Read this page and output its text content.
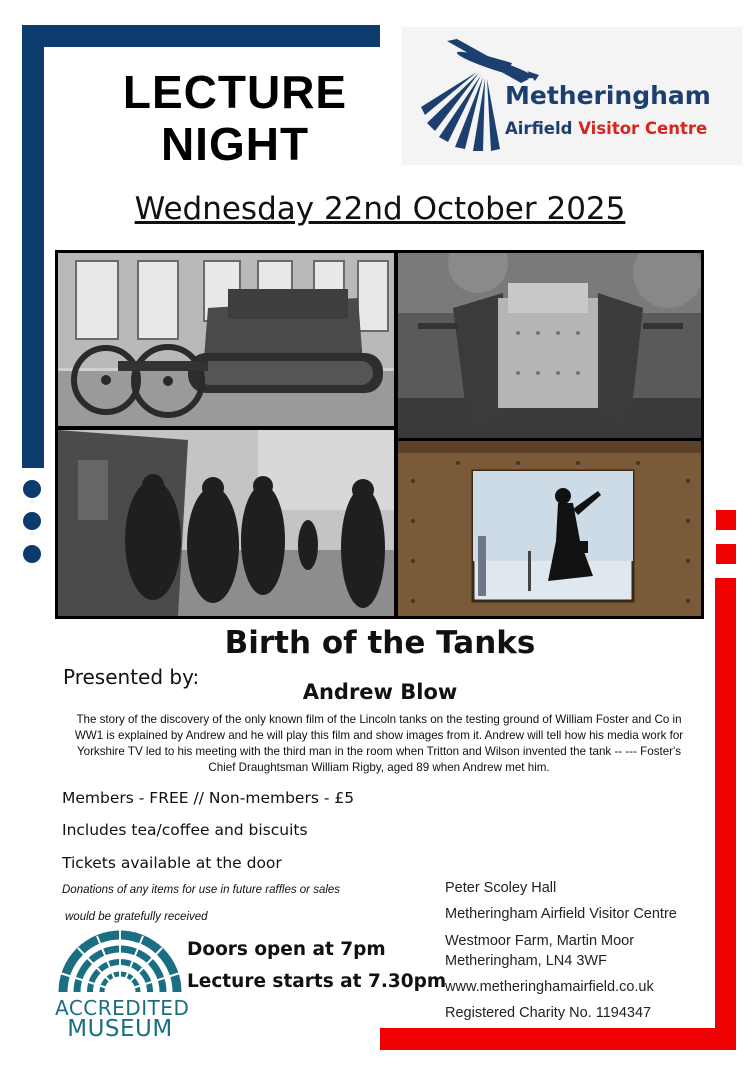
LECTURE
NIGHT
Metheringham
Airfield Visitor Centre
Wednesday 22nd October 2025
Birth of the Tanks
Presented by:
Andrew Blow
The story of the discovery of the only known film of the Lincoln tanks on the testing ground of William Foster and Co in WW1 is explained by Andrew and he will play this film and show images from it. Andrew will tell how his media work for Yorkshire TV led to his meeting with the third man in the room when Tritton and Wilson invented the tank -- --- Foster's Chief Draughtsman William Rigby, aged 89 when Andrew met him.
Members - FREE // Non-members - £5
Includes tea/coffee and biscuits
Tickets available at the door
Donations of any items for use in future raffles or sales
would be gratefully received
Doors open at 7pm
Lecture starts at 7.30pm
ACCREDITED
MUSEUM
Peter Scoley Hall
Metheringham Airfield Visitor Centre
Westmoor Farm, Martin Moor
Metheringham, LN4 3WF
www.metheringhamairfield.co.uk
Registered Charity No. 1194347
